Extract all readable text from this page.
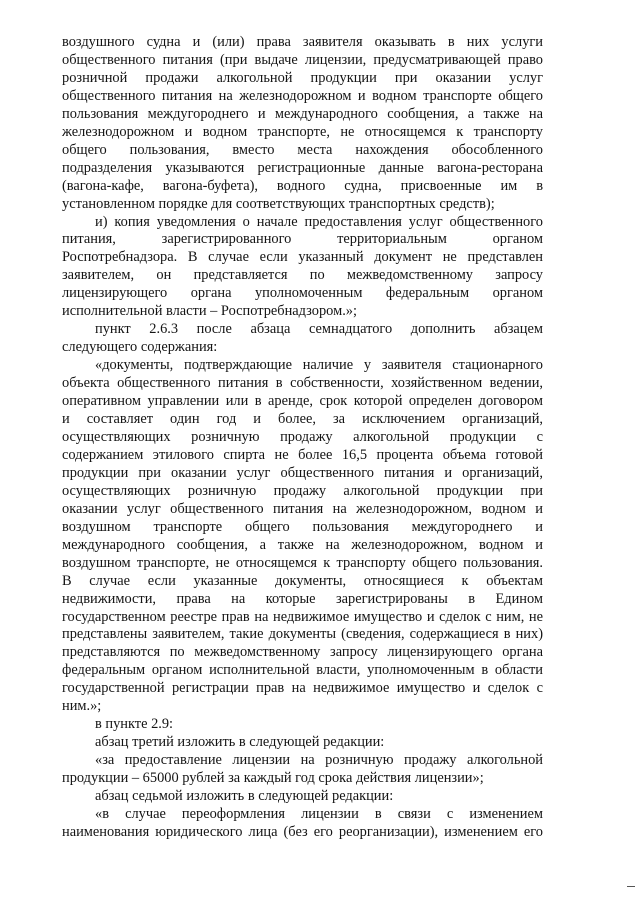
воздушного судна и (или) права заявителя оказывать в них услуги
общественного питания (при выдаче лицензии, предусматривающей право
розничной продажи алкогольной продукции при оказании услуг
общественного питания на железнодорожном и водном транспорте общего
пользования междугороднего и международного сообщения, а также на
железнодорожном и водном транспорте, не относящемся к транспорту
общего пользования, вместо места нахождения обособленного
подразделения указываются регистрационные данные вагона-ресторана
(вагона-кафе, вагона-буфета), водного судна, присвоенные им в
установленном порядке для соответствующих транспортных средств);
и) копия уведомления о начале предоставления услуг общественного
питания, зарегистрированного территориальным органом
Роспотребнадзора. В случае если указанный документ не представлен
заявителем, он представляется по межведомственному запросу
лицензирующего органа уполномоченным федеральным органом
исполнительной власти – Роспотребнадзором.»;
пункт 2.6.3 после абзаца семнадцатого дополнить абзацем
следующего содержания:
«документы, подтверждающие наличие у заявителя стационарного
объекта общественного питания в собственности, хозяйственном ведении,
оперативном управлении или в аренде, срок которой определен договором
и составляет один год и более, за исключением организаций,
осуществляющих розничную продажу алкогольной продукции с
содержанием этилового спирта не более 16,5 процента объема готовой
продукции при оказании услуг общественного питания и организаций,
осуществляющих розничную продажу алкогольной продукции при
оказании услуг общественного питания на железнодорожном, водном и
воздушном транспорте общего пользования междугороднего и
международного сообщения, а также на железнодорожном, водном и
воздушном транспорте, не относящемся к транспорту общего пользования.
В случае если указанные документы, относящиеся к объектам
недвижимости, права на которые зарегистрированы в Едином
государственном реестре прав на недвижимое имущество и сделок с ним, не
представлены заявителем, такие документы (сведения, содержащиеся в них)
представляются по межведомственному запросу лицензирующего органа
федеральным органом исполнительной власти, уполномоченным в области
государственной регистрации прав на недвижимое имущество и сделок с
ним.»;
в пункте 2.9:
абзац третий изложить в следующей редакции:
«за предоставление лицензии на розничную продажу алкогольной
продукции – 65000 рублей за каждый год срока действия лицензии»;
абзац седьмой изложить в следующей редакции:
«в случае переоформления лицензии в связи с изменением
наименования юридического лица (без его реорганизации), изменением его
